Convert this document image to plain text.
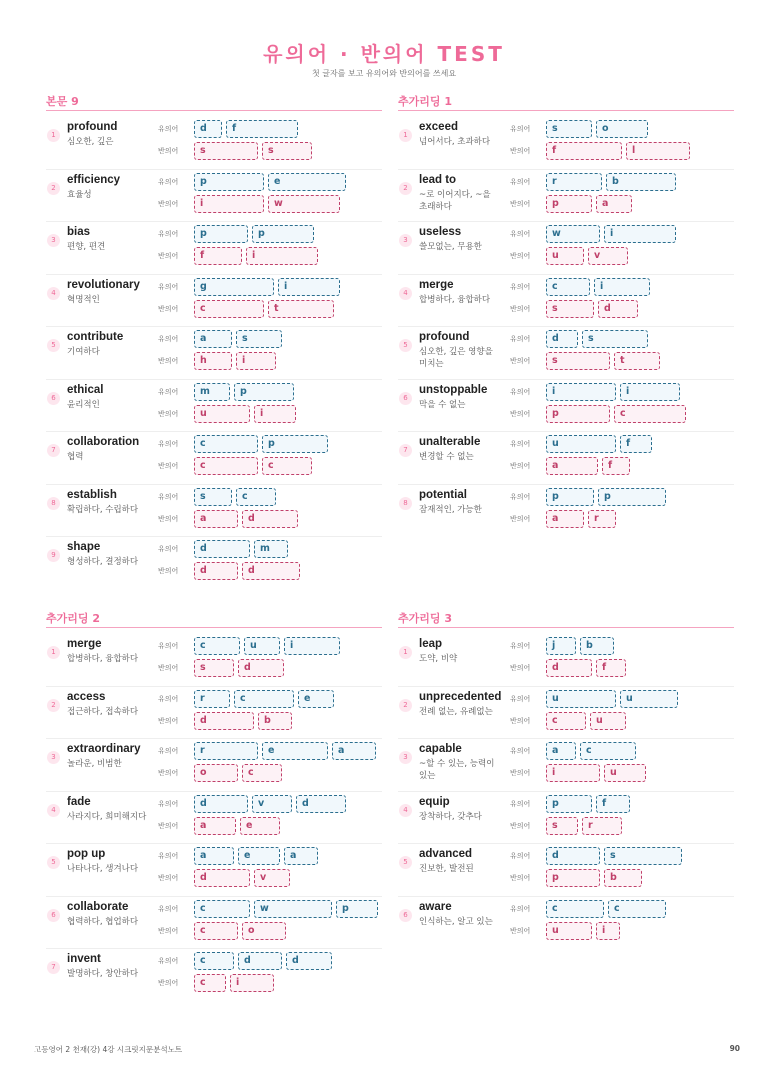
유의어 · 반의어 TEST
첫 글자를 보고 유의어와 반의어를 쓰세요
본문 9
1
profound
심오한, 깊은
유의어	d	f
반의어	s	s
2
efficiency
효율성
유의어	p	e
반의어	i	w
3
bias
편향, 편견
유의어	p	p
반의어	f	i
4
revolutionary
혁명적인
유의어	g	i
반의어	c	t
5
contribute
기여하다
유의어	a	s
반의어	h	i
6
ethical
윤리적인
유의어	m	p
반의어	u	i
7
collaboration
협력
유의어	c	p
반의어	c	c
8
establish
확립하다, 수립하다
유의어	s	c
반의어	a	d
9
shape
형성하다, 결정하다
유의어	d	m
반의어	d	d
추가리딩 1
1
exceed
넘어서다, 초과하다
유의어	s	o
반의어	f	l
2
lead to
~로 이어지다, ~을 초래하다
유의어	r	b
반의어	p	a
3
useless
쓸모없는, 무용한
유의어	w	i
반의어	u	v
4
merge
합병하다, 융합하다
유의어	c	i
반의어	s	d
5
profound
심오한, 깊은 영향을 미치는
유의어	d	s
반의어	s	t
6
unstoppable
막을 수 없는
유의어	i	i
반의어	p	c
7
unalterable
변경할 수 없는
유의어	u	f
반의어	a	f
8
potential
잠재적인, 가능한
유의어	p	p
반의어	a	r
추가리딩 2
1
merge
합병하다, 융합하다
유의어	c	u	i
반의어	s	d
2
access
접근하다, 접속하다
유의어	r	c	e
반의어	d	b
3
extraordinary
놀라운, 비범한
유의어	r	e	a
반의어	o	c
4
fade
사라지다, 희미해지다
유의어	d	v	d
반의어	a	e
5
pop up
나타나다, 생겨나다
유의어	a	e	a
반의어	d	v
6
collaborate
협력하다, 협업하다
유의어	c	w	p
반의어	c	o
7
invent
발명하다, 창안하다
유의어	c	d	d
반의어	c	i
추가리딩 3
1
leap
도약, 비약
유의어	j	b
반의어	d	f
2
unprecedented
전례 없는, 유례없는
유의어	u	u
반의어	c	u
3
capable
~할 수 있는, 능력이 있는
유의어	a	c
반의어	i	u
4
equip
장착하다, 갖추다
유의어	p	f
반의어	s	r
5
advanced
진보한, 발전된
유의어	d	s
반의어	p	b
6
aware
인식하는, 알고 있는
유의어	c	c
반의어	u	i
고등영어 2 천재(강) 4강 시크릿지문분석노트	90
